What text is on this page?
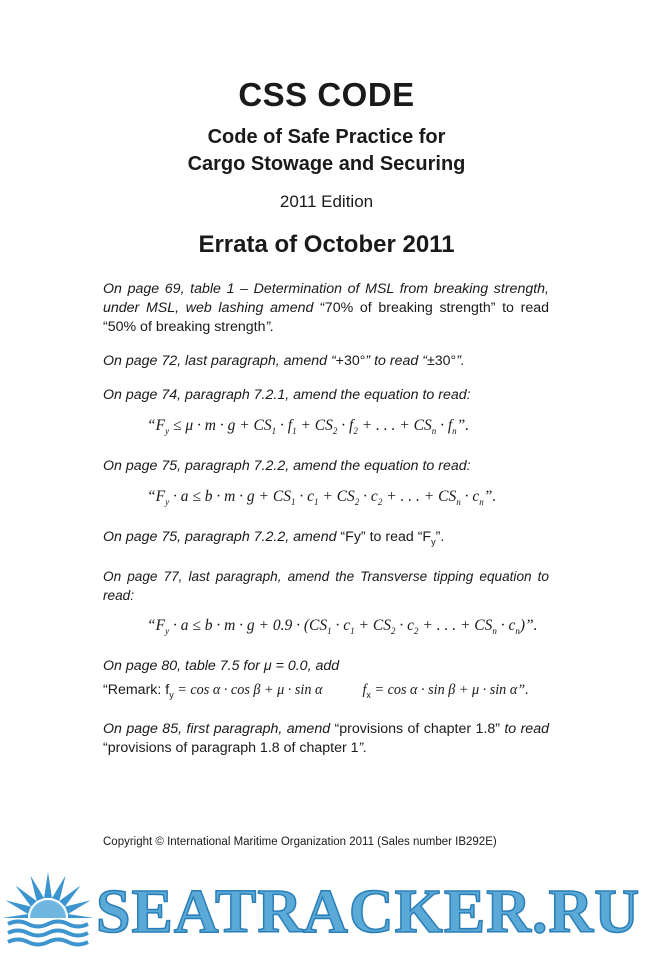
CSS CODE
Code of Safe Practice for
Cargo Stowage and Securing

2011 Edition

Errata of October 2011

On page 69, table 1 – Determination of MSL from breaking strength, under MSL, web lashing amend “70% of breaking strength” to read “50% of breaking strength”.

On page 72, last paragraph, amend “+30°” to read “±30°”.

On page 74, paragraph 7.2.1, amend the equation to read:

“$F_y \le \mu \cdot m \cdot g + CS_1 \cdot f_1 + CS_2 \cdot f_2$ + . . . + $CS_n \cdot f_n$”.

On page 75, paragraph 7.2.2, amend the equation to read:

“$F_y \cdot a \le b \cdot m \cdot g + CS_1 \cdot c_1 + CS_2 \cdot c_2$ + . . . + $CS_n \cdot c_n$”.

On page 75, paragraph 7.2.2, amend “Fy” to read “$F_y$”.

On page 77, last paragraph, amend the Transverse tipping equation to read:

“$F_y \cdot a \le b \cdot m \cdot g + 0.9 \cdot (CS_1 \cdot c_1 + CS_2 \cdot c_2$ + . . . + $CS_n \cdot c_n$)”.

On page 80, table 7.5 for μ = 0.0, add

“Remark: $f_y = \cos \alpha \cdot \cos \beta + \mu \cdot \sin \alpha$	$f_x = \cos \alpha \cdot \sin \beta + \mu \cdot \sin \alpha$”.

On page 85, first paragraph, amend “provisions of chapter 1.8” to read “provisions of paragraph 1.8 of chapter 1”.

Copyright © International Maritime Organization 2011 (Sales number IB292E)

SEATRACKER.RU
